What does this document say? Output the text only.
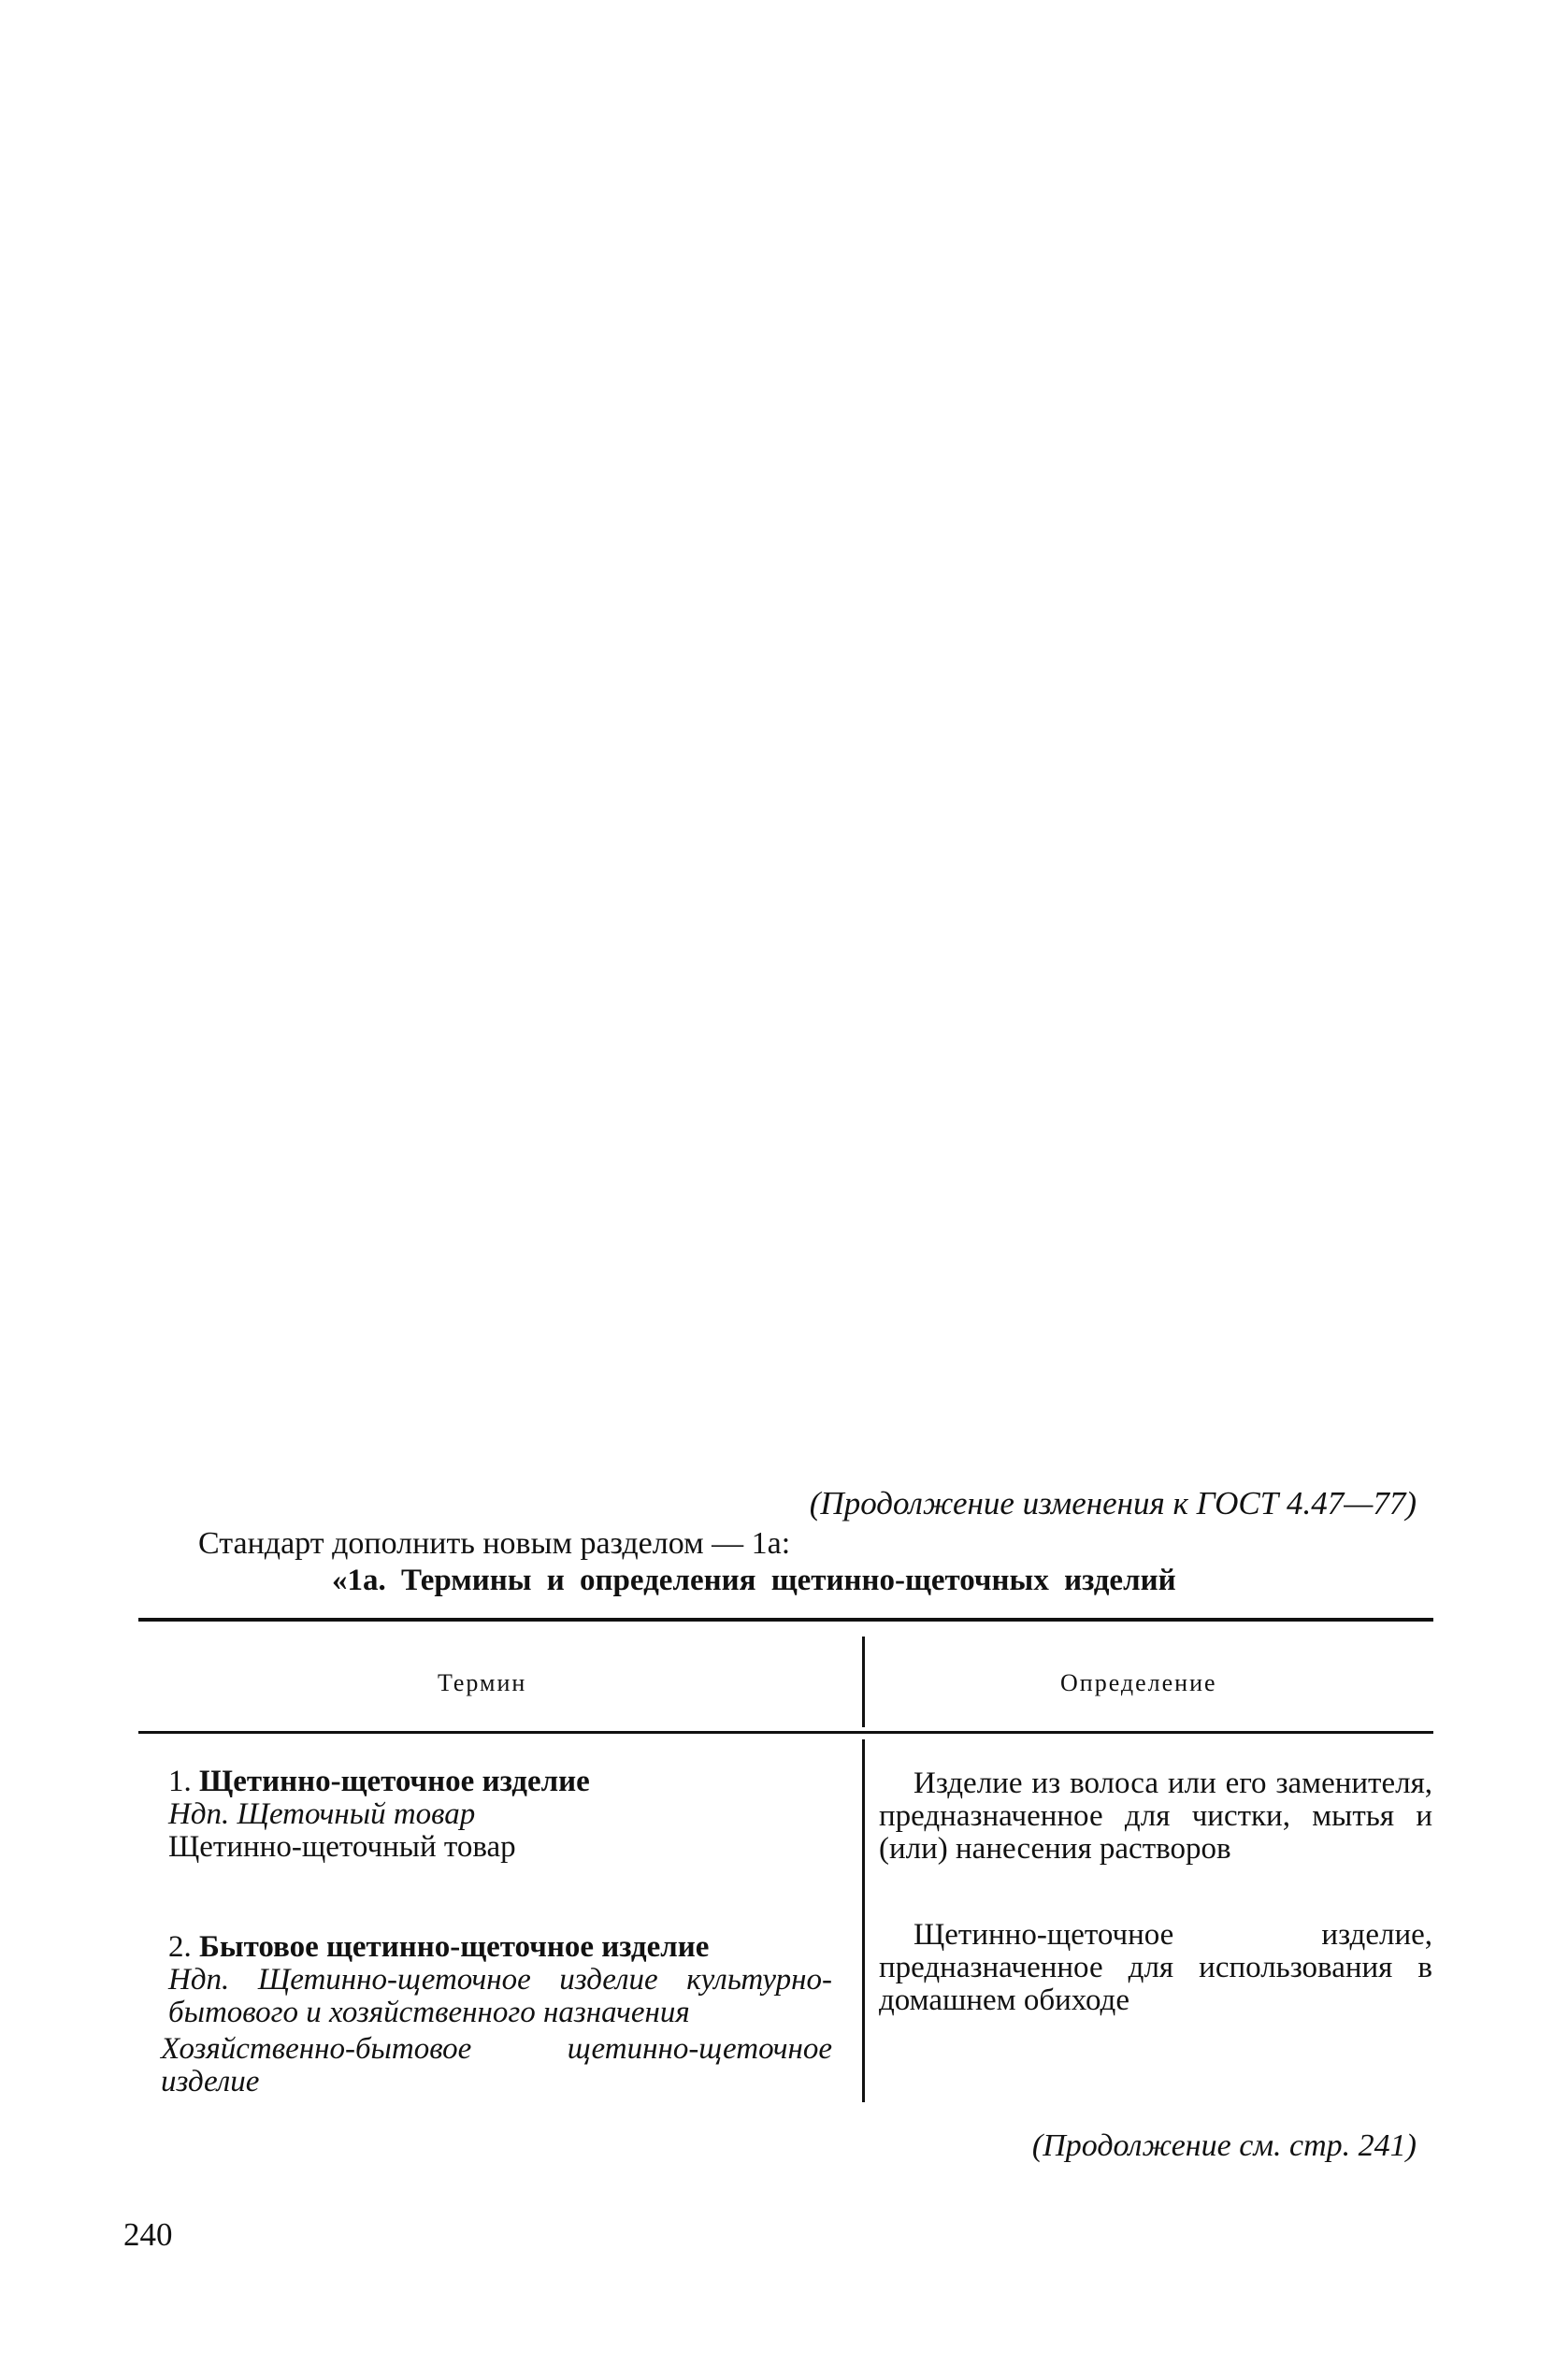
(Продолжение изменения к ГОСТ 4.47—77)
Стандарт дополнить новым разделом — 1а:
«1а. Термины и определения щетинно-щеточных изделий
Термин	Определение
1. Щетинно-щеточное изделие
Ндп. Щеточный товар
Щетинно-щеточный товар

Изделие из волоса или его заменителя, предназначенное для чистки, мытья и (или) нанесения растворов

2. Бытовое щетинно-щеточное изделие
Ндп. Щетинно-щеточное изделие культурно-бытового и хозяйственного назначения
Хозяйственно-бытовое щетинно-щеточное изделие

Щетинно-щеточное изделие, предназначенное для использования в домашнем обиходе

(Продолжение см. стр. 241)
240
